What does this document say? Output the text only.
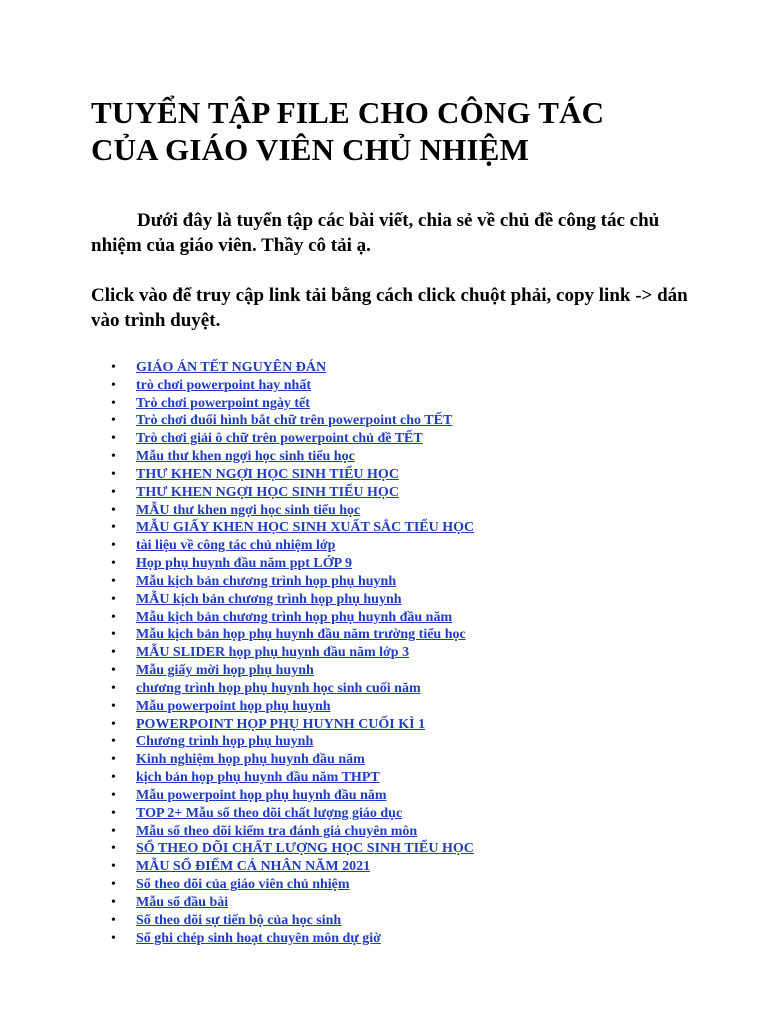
TUYỂN TẬP FILE CHO CÔNG TÁC
CỦA GIÁO VIÊN CHỦ NHIỆM

Dưới đây là tuyển tập các bài viết, chia sẻ về chủ đề công tác chủ nhiệm của giáo viên. Thầy cô tải ạ.

Click vào để truy cập link tải bằng cách click chuột phải, copy link -> dán vào trình duyệt.

• GIÁO ÁN TẾT NGUYÊN ĐÁN
• trò chơi powerpoint hay nhất
• Trò chơi powerpoint ngày tết
• Trò chơi đuổi hình bắt chữ trên powerpoint cho TẾT
• Trò chơi giải ô chữ trên powerpoint chủ đề TẾT
• Mẫu thư khen ngợi học sinh tiểu học
• THƯ KHEN NGỢI HỌC SINH TIỂU HỌC
• THƯ KHEN NGỢI HỌC SINH TIỂU HỌC
• MẪU thư khen ngợi học sinh tiểu học
• MẪU GIẤY KHEN HỌC SINH XUẤT SẮC TIỂU HỌC
• tài liệu về công tác chủ nhiệm lớp
• Họp phụ huynh đầu năm ppt LỚP 9
• Mẫu kịch bản chương trình họp phụ huynh
• MẪU kịch bản chương trình họp phụ huynh
• Mẫu kịch bản chương trình họp phụ huynh đầu năm
• Mẫu kịch bản họp phụ huynh đầu năm trường tiểu học
• MẪU SLIDER họp phụ huynh đầu năm lớp 3
• Mẫu giấy mời họp phụ huynh
• chương trình họp phụ huynh học sinh cuối năm
• Mẫu powerpoint họp phụ huynh
• POWERPOINT HỌP PHỤ HUYNH CUỐI KÌ 1
• Chương trình họp phụ huynh
• Kinh nghiệm họp phụ huynh đầu năm
• kịch bản họp phụ huynh đầu năm THPT
• Mẫu powerpoint họp phụ huynh đầu năm
• TOP 2+ Mẫu sổ theo dõi chất lượng giáo dục
• Mẫu sổ theo dõi kiểm tra đánh giá chuyên môn
• SỔ THEO DÕI CHẤT LƯỢNG HỌC SINH TIỂU HỌC
• MẪU SỔ ĐIỂM CÁ NHÂN NĂM 2021
• Sổ theo dõi của giáo viên chủ nhiệm
• Mẫu sổ đầu bài
• Sổ theo dõi sự tiến bộ của học sinh
• Sổ ghi chép sinh hoạt chuyên môn dự giờ
